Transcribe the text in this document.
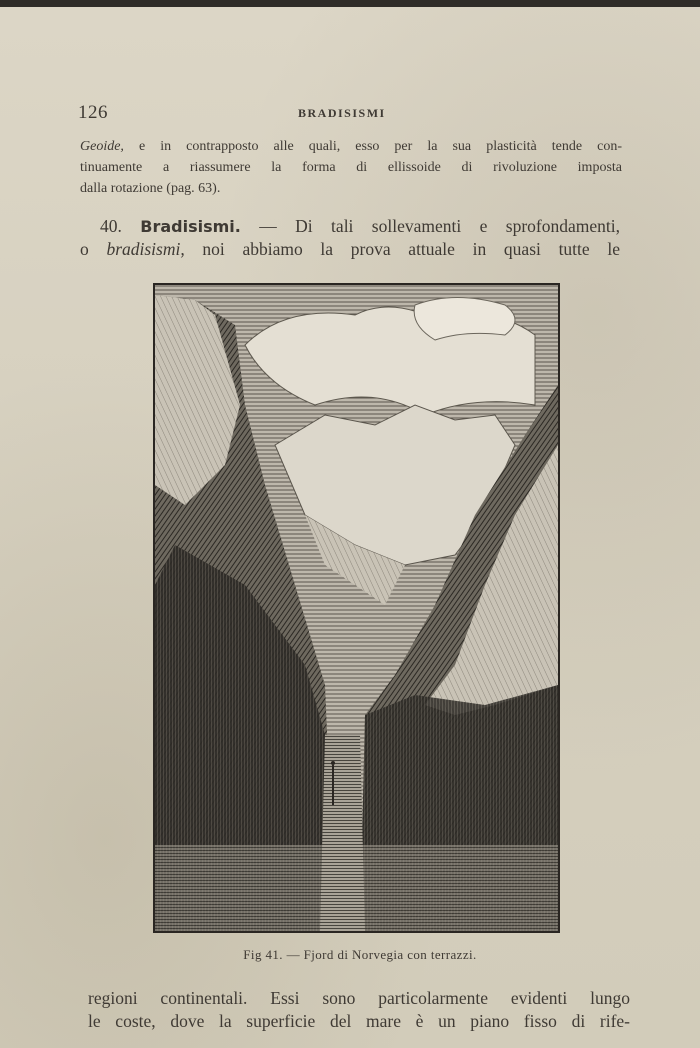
126	BRADISISMI
Geoide, e in contrapposto alle quali, esso per la sua plasticità tende con-
tinuamente a riassumere la forma di ellissoide di rivoluzione imposta
dalla rotazione (pag. 63).
40. Bradisismi. — Di tali sollevamenti e sprofondamenti,
o bradisismi, noi abbiamo la prova attuale in quasi tutte le
Fig 41. — Fjord di Norvegia con terrazzi.
regioni continentali. Essi sono particolarmente evidenti lungo
le coste, dove la superficie del mare è un piano fisso di rife-
